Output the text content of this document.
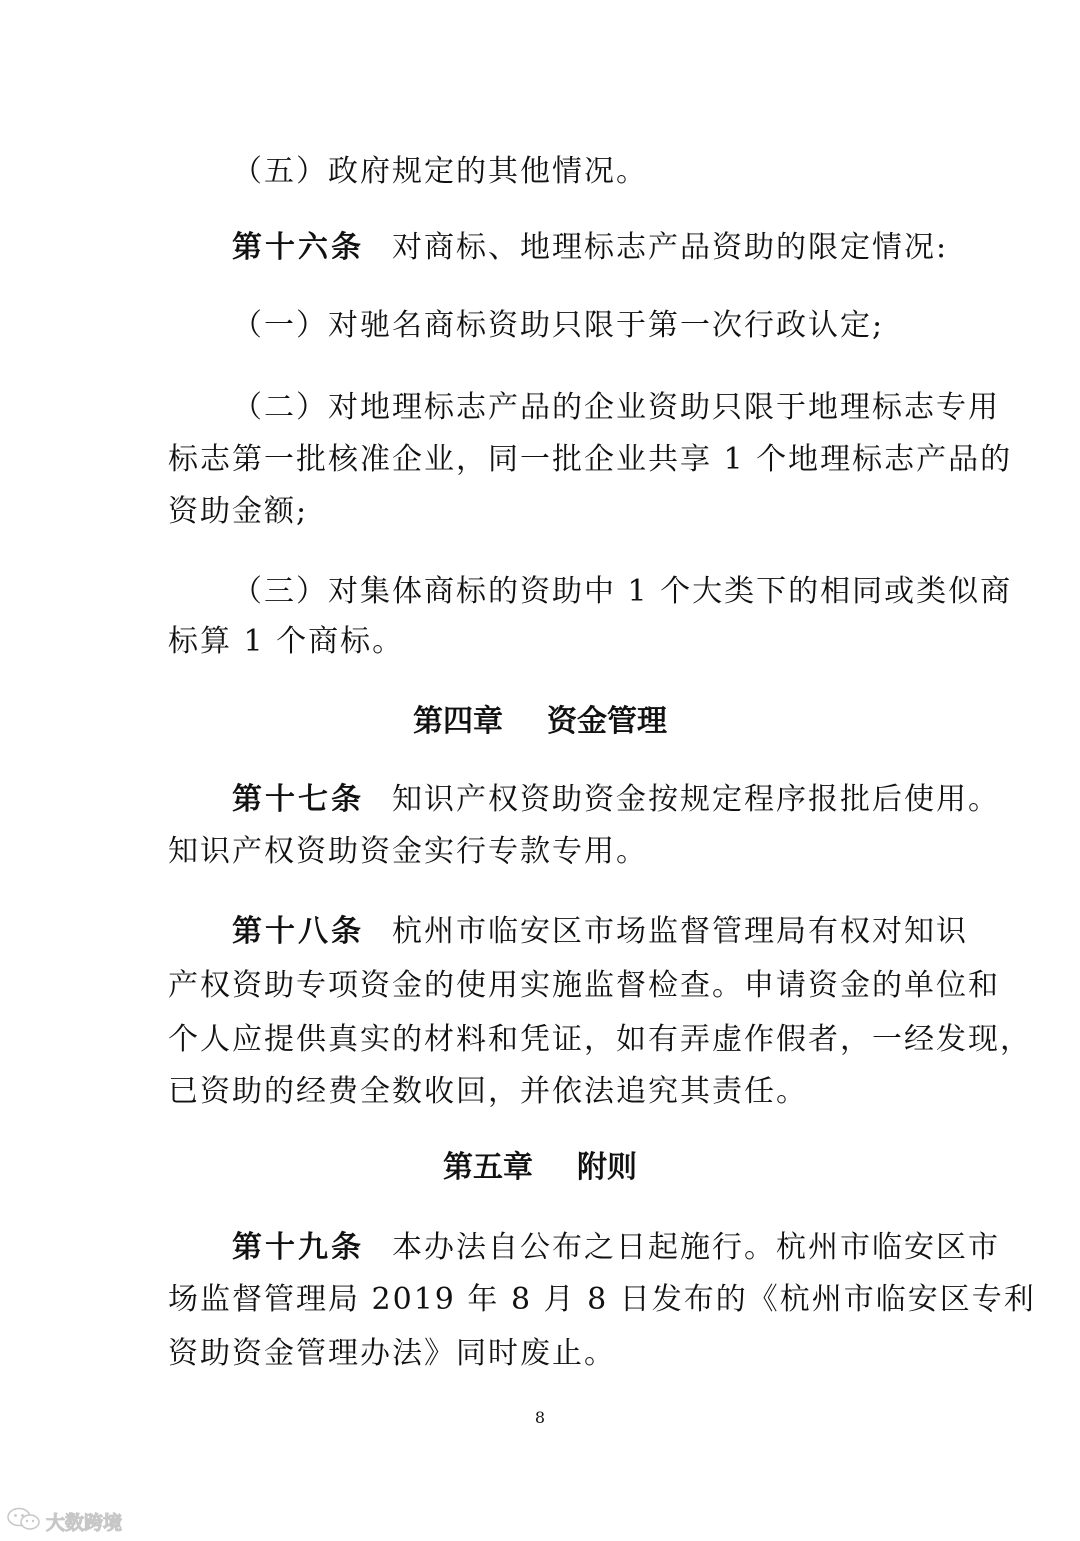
（五）政府规定的其他情况。

第十六条 对商标、地理标志产品资助的限定情况:

（一）对驰名商标资助只限于第一次行政认定;

（二）对地理标志产品的企业资助只限于地理标志专用

标志第一批核准企业，同一批企业共享 1 个地理标志产品的

资助金额;

（三）对集体商标的资助中 1 个大类下的相同或类似商

标算 1 个商标。

第四章 资金管理

第十七条 知识产权资助资金按规定程序报批后使用。

知识产权资助资金实行专款专用。

第十八条 杭州市临安区市场监督管理局有权对知识

产权资助专项资金的使用实施监督检查。申请资金的单位和

个人应提供真实的材料和凭证，如有弄虚作假者，一经发现，

已资助的经费全数收回，并依法追究其责任。

第五章 附则

第十九条 本办法自公布之日起施行。杭州市临安区市

场监督管理局 2019 年 8 月 8 日发布的《杭州市临安区专利

资助资金管理办法》同时废止。

8
大数跨境
